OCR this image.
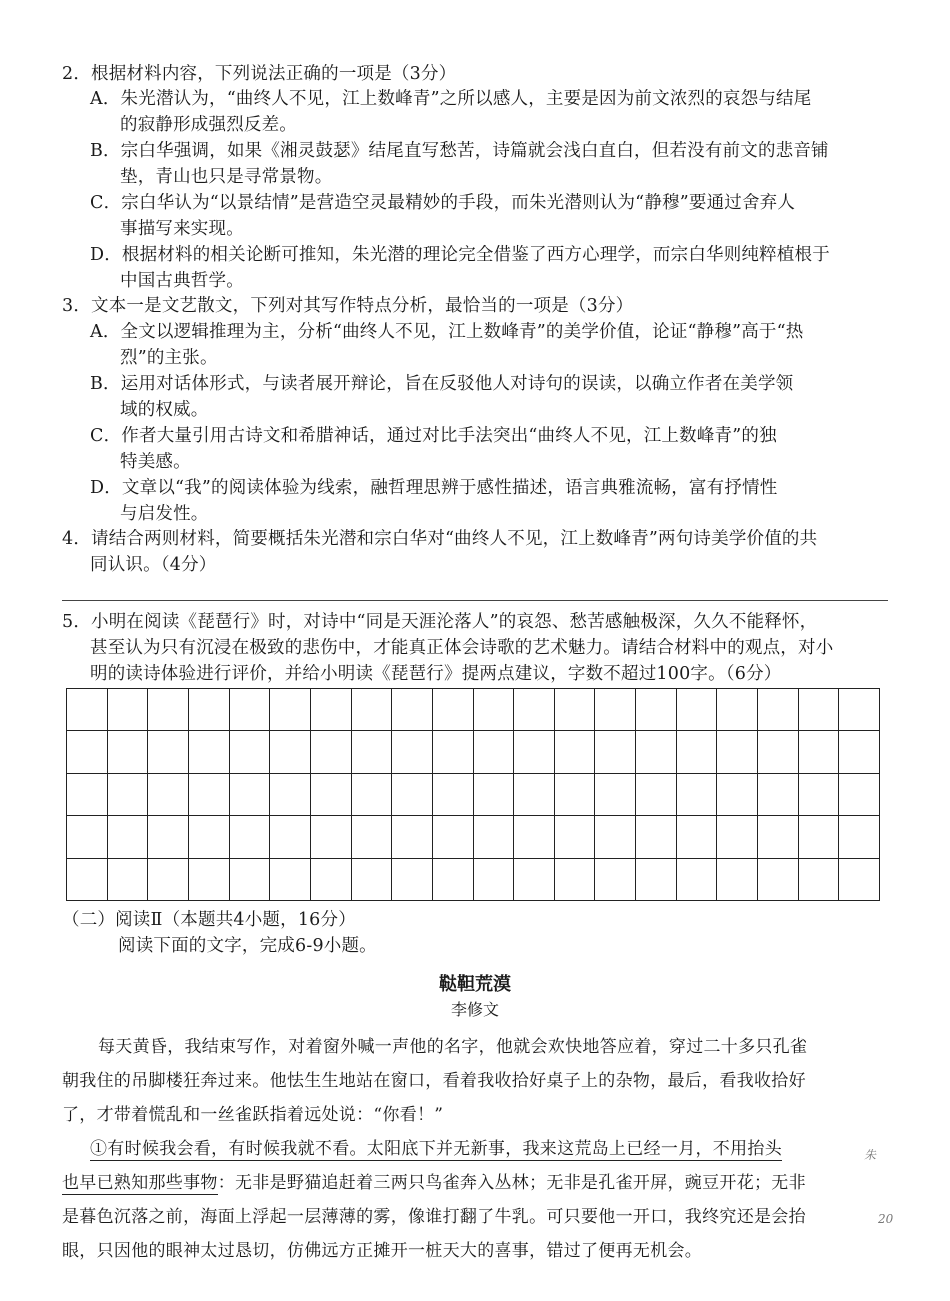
2．根据材料内容，下列说法正确的一项是（3分）
A．朱光潜认为，“曲终人不见，江上数峰青”之所以感人，主要是因为前文浓烈的哀怨与结尾
的寂静形成强烈反差。
B．宗白华强调，如果《湘灵鼓瑟》结尾直写愁苦，诗篇就会浅白直白，但若没有前文的悲音铺
垫，青山也只是寻常景物。
C．宗白华认为“以景结情”是营造空灵最精妙的手段，而朱光潜则认为“静穆”要通过舍弃人
事描写来实现。
D．根据材料的相关论断可推知，朱光潜的理论完全借鉴了西方心理学，而宗白华则纯粹植根于
中国古典哲学。
3．文本一是文艺散文，下列对其写作特点分析，最恰当的一项是（3分）
A．全文以逻辑推理为主，分析“曲终人不见，江上数峰青”的美学价值，论证“静穆”高于“热
烈”的主张。
B．运用对话体形式，与读者展开辩论，旨在反驳他人对诗句的误读，以确立作者在美学领
域的权威。
C．作者大量引用古诗文和希腊神话，通过对比手法突出“曲终人不见，江上数峰青”的独
特美感。
D．文章以“我”的阅读体验为线索，融哲理思辨于感性描述，语言典雅流畅，富有抒情性
与启发性。
4．请结合两则材料，简要概括朱光潜和宗白华对“曲终人不见，江上数峰青”两句诗美学价值的共
同认识。（4分）
5．小明在阅读《琵琶行》时，对诗中“同是天涯沦落人”的哀怨、愁苦感触极深，久久不能释怀，
甚至认为只有沉浸在极致的悲伤中，才能真正体会诗歌的艺术魅力。请结合材料中的观点，对小
明的读诗体验进行评价，并给小明读《琵琶行》提两点建议，字数不超过100字。（6分）
（二）阅读Ⅱ（本题共4小题，16分）
阅读下面的文字，完成6-9小题。
鞑靼荒漠
李修文
每天黄昏，我结束写作，对着窗外喊一声他的名字，他就会欢快地答应着，穿过二十多只孔雀
朝我住的吊脚楼狂奔过来。他怯生生地站在窗口，看着我收拾好桌子上的杂物，最后，看我收拾好
了，才带着慌乱和一丝雀跃指着远处说：“你看！”
①有时候我会看，有时候我就不看。太阳底下并无新事，我来这荒岛上已经一月，不用抬头
也早已熟知那些事物：无非是野猫追赶着三两只鸟雀奔入丛林；无非是孔雀开屏，豌豆开花；无非
是暮色沉落之前，海面上浮起一层薄薄的雾，像谁打翻了牛乳。可只要他一开口，我终究还是会抬
眼，只因他的眼神太过恳切，仿佛远方正摊开一桩天大的喜事，错过了便再无机会。
朱
20
